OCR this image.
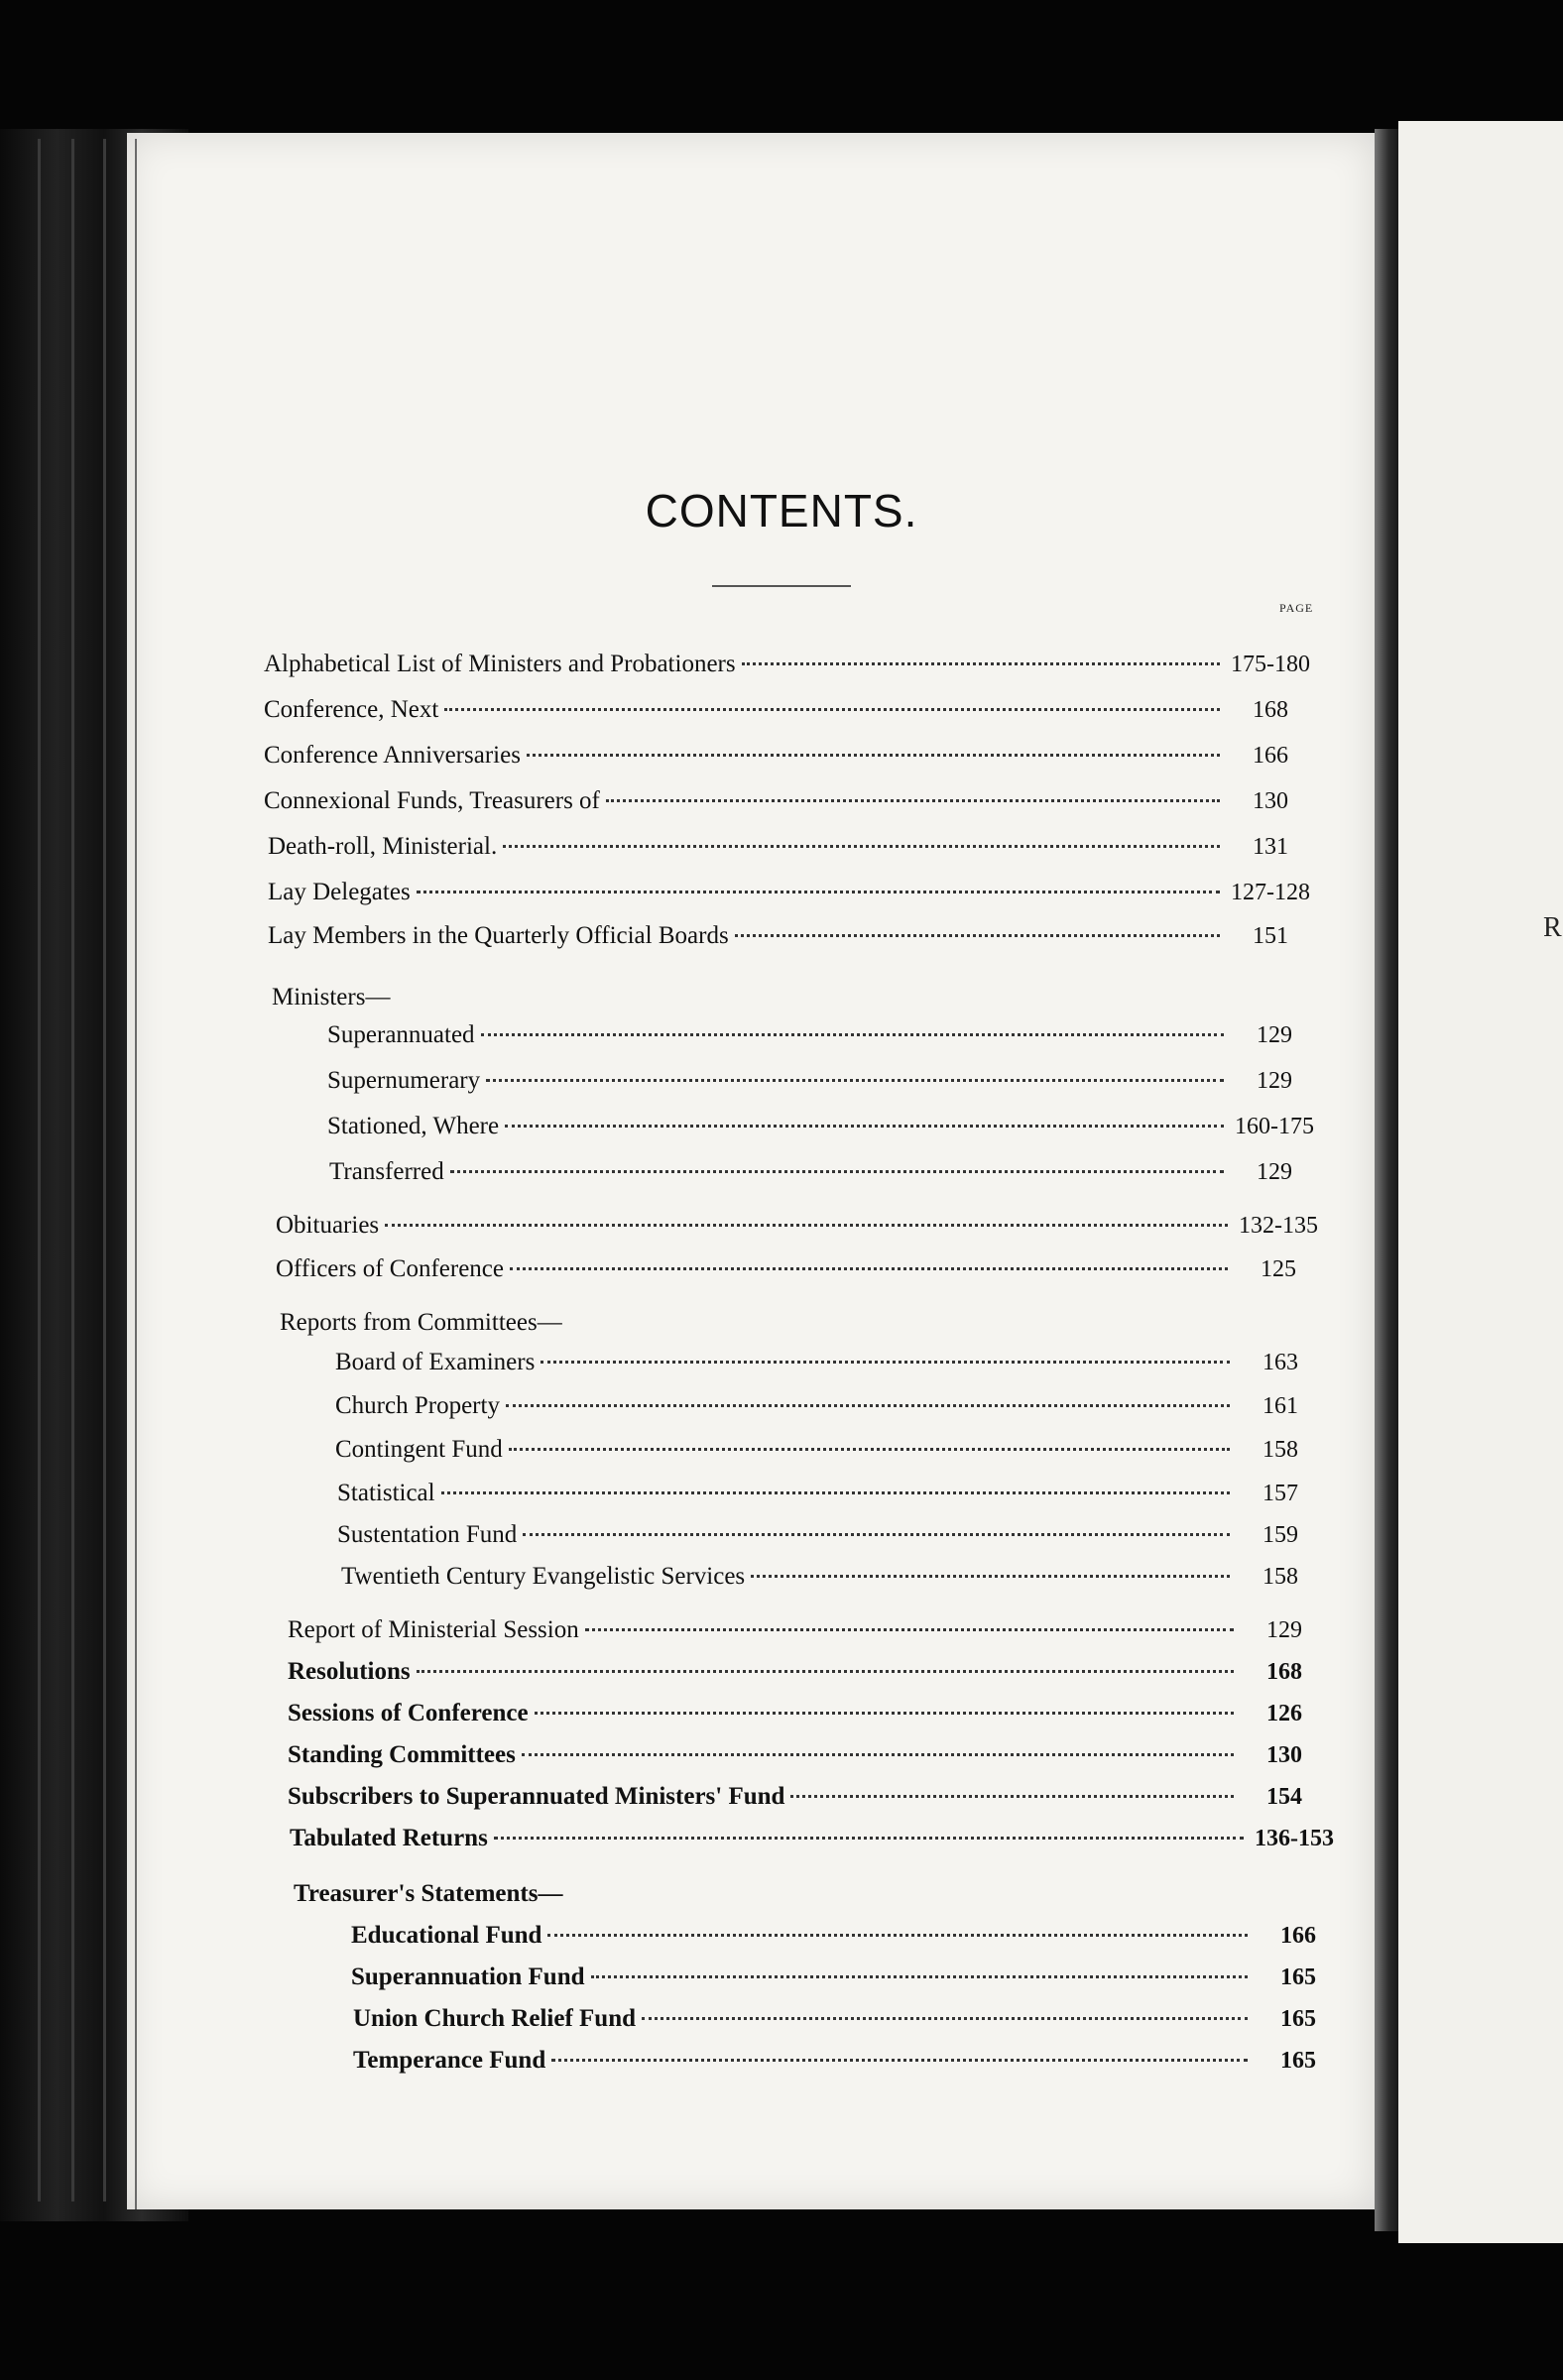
R
CONTENTS.
PAGE
Alphabetical List of Ministers and Probationers	175-180
Conference, Next	168
Conference Anniversaries	166
Connexional Funds, Treasurers of	130
Death-roll, Ministerial.	131
Lay Delegates	127-128
Lay Members in the Quarterly Official Boards	151
Ministers—
Superannuated	129
Supernumerary	129
Stationed, Where	160-175
Transferred	129
Obituaries	132-135
Officers of Conference	125
Reports from Committees—
Board of Examiners	163
Church Property	161
Contingent Fund	158
Statistical	157
Sustentation Fund	159
Twentieth Century Evangelistic Services	158
Report of Ministerial Session	129
Resolutions	168
Sessions of Conference	126
Standing Committees	130
Subscribers to Superannuated Ministers' Fund	154
Tabulated Returns	136-153
Treasurer's Statements—
Educational Fund	166
Superannuation Fund	165
Union Church Relief Fund	165
Temperance Fund	165
